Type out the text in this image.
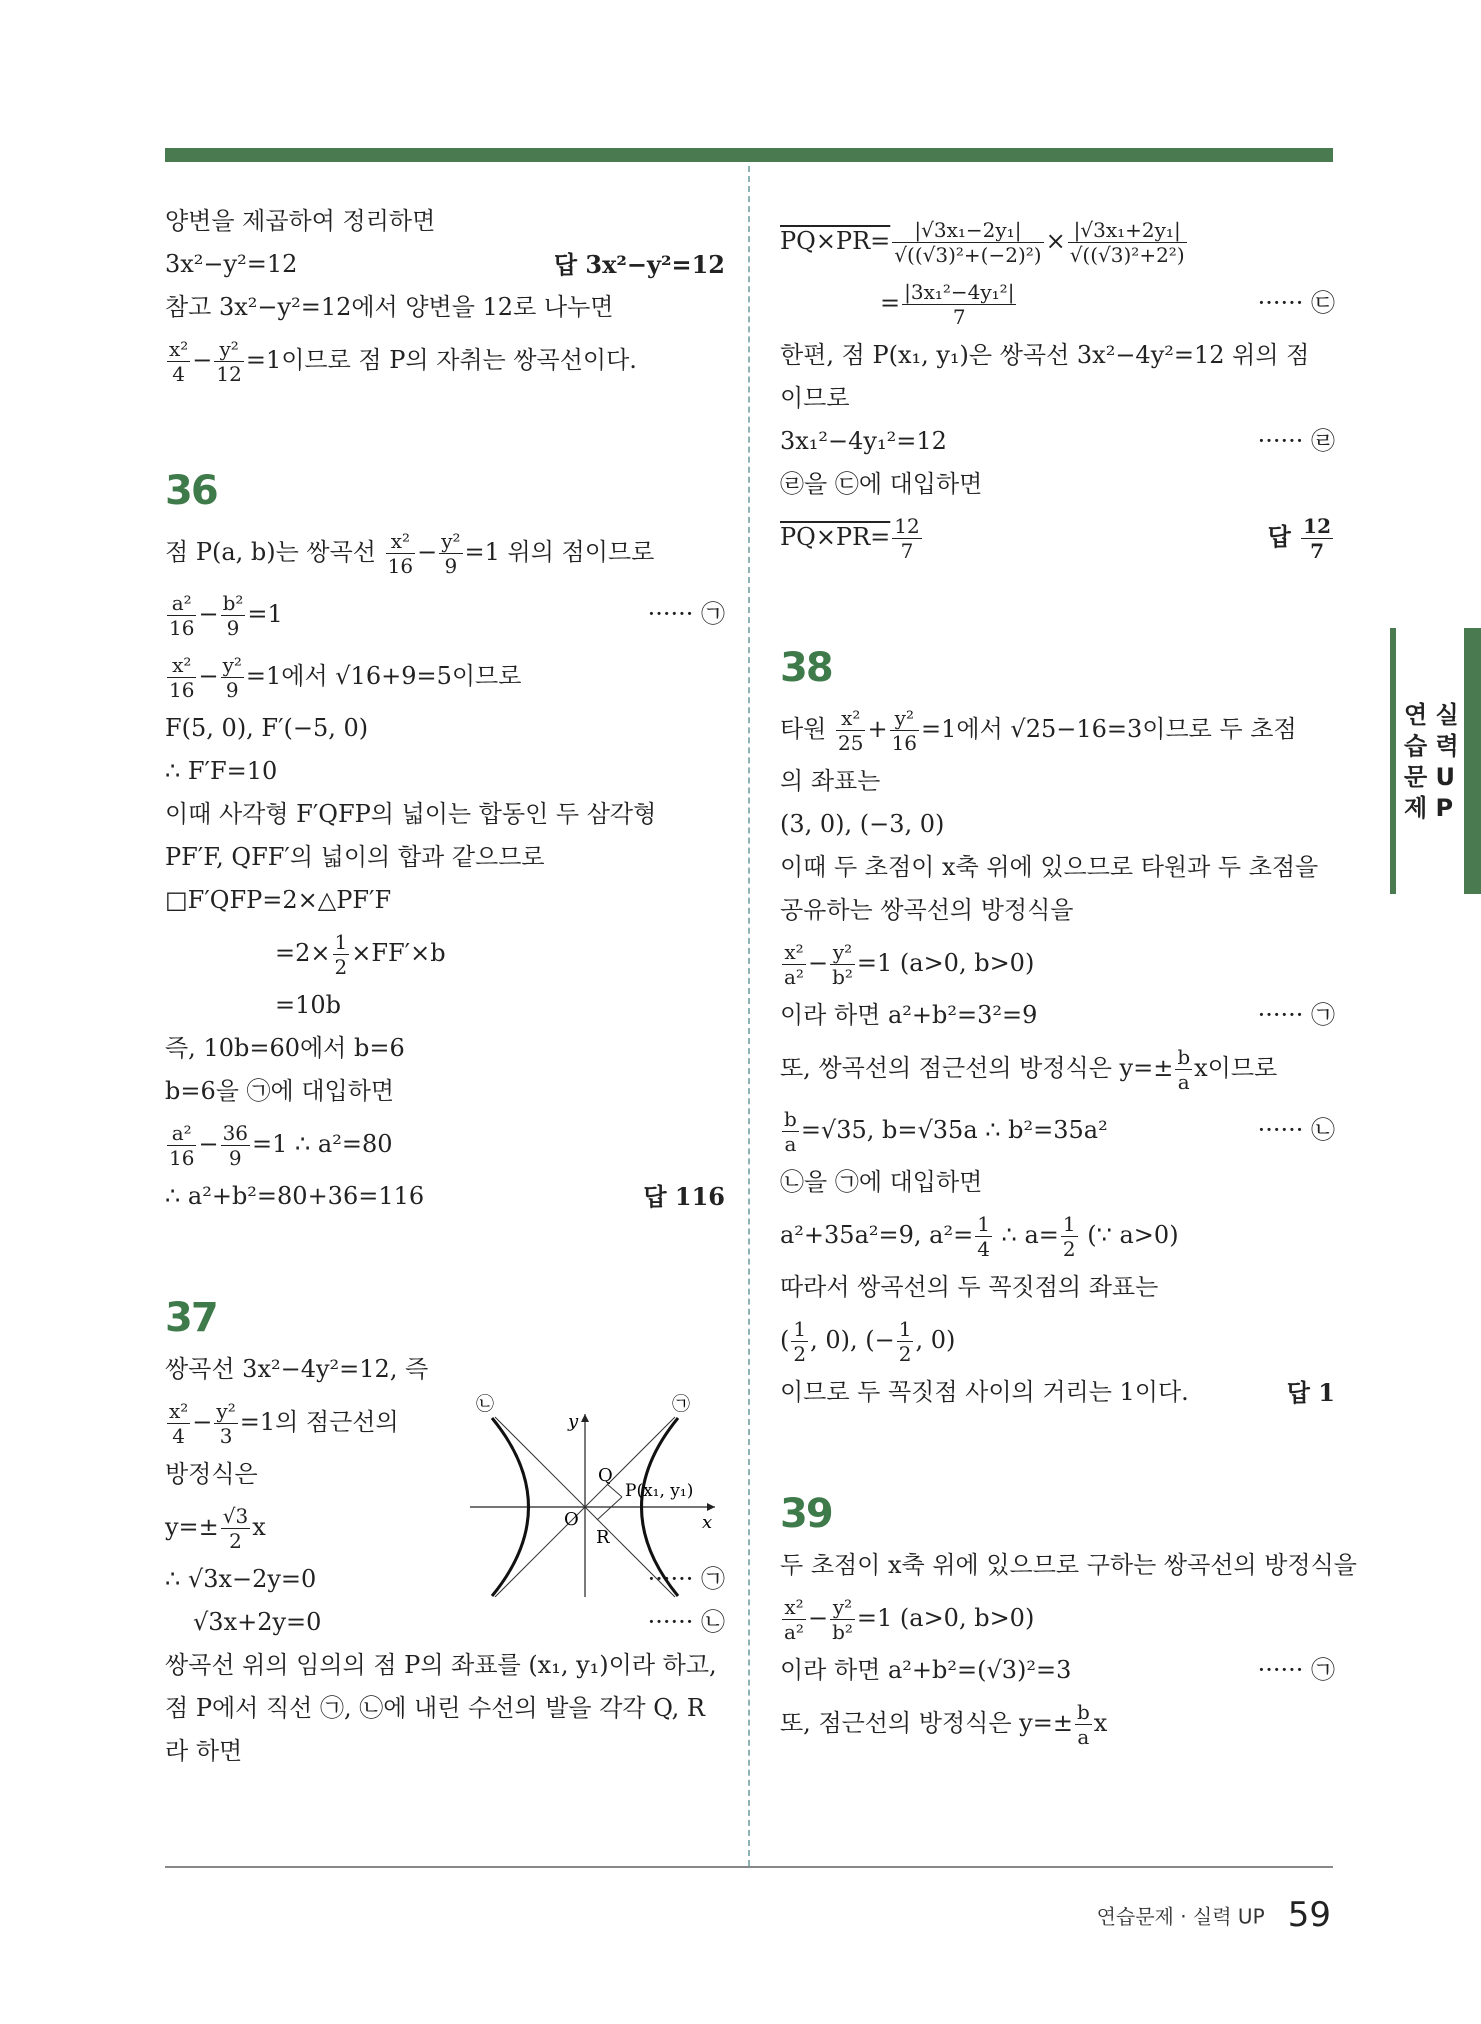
양변을 제곱하여 정리하면
3x²−y²=12	답 3x²−y²=12
참고 3x²−y²=12에서 양변을 12로 나누면
$\frac{\text{x²}}{4} - \frac{\text{y²}}{12} =1$이므로 점 P의 자취는 쌍곡선이다.
36
점 P(a, b)는 쌍곡선 $\frac{\text{x²}}{16} - \frac{\text{y²}}{9} =1$ 위의 점이므로
$\frac{\text{a²}}{16} - \frac{\text{b²}}{9} =1$	······ ㉠
$\frac{\text{x²}}{16} - \frac{\text{y²}}{9} =1$에서 √16+9=5이므로
F(5, 0), F′(−5, 0)
∴ F′F=10
이때 사각형 F′QFP의 넓이는 합동인 두 삼각형
PF′F, QFF′의 넓이의 합과 같으므로
□F′QFP=2×△PF′F
$=2\times \frac{1}{2} \times FF'\times b$
=10b
즉, 10b=60에서 b=6
b=6을 ㉠에 대입하면
$\frac{\text{a²}}{16} - \frac{36}{9} =1$ ∴ a²=80
∴ a²+b²=80+36=116	답 116
37
쌍곡선 3x²−4y²=12, 즉
$\frac{\text{x²}}{4} - \frac{\text{y²}}{3} =1$의 점근선의
방정식은
$y=\pm \frac{√3}{2}$ x
∴ √3x−2y=0	······ ㉠
√3x+2y=0	······ ㉡
쌍곡선 위의 임의의 점 P의 좌표를 (x₁, y₁)이라 하고,
점 P에서 직선 ㉠, ㉡에 내린 수선의 발을 각각 Q, R
라 하면
㉡	㉠
y
x
O
Q
R
P(x₁, y₁)
$PQ\times PR= \frac{\text{|√3x₁−2y₁|}}{\text{√((√3)²+(−2)²)}} \times \frac{\text{|√3x₁+2y₁|}}{\text{√((√3)²+2²)}}$
= $\frac{\text{|3x₁²−4y₁²|}}{7}$	······ ㉢
한편, 점 P(x₁, y₁)은 쌍곡선 3x²−4y²=12 위의 점
이므로
3x₁²−4y₁²=12	······ ㉣
㉣을 ㉢에 대입하면
$PQ\times PR= \frac{12}{7}$	답 $\frac{12}{7}$
38
타원 $\frac{\text{x²}}{25} + \frac{\text{y²}}{16} =1$에서 √25−16=3이므로 두 초점
의 좌표는
(3, 0), (−3, 0)
이때 두 초점이 x축 위에 있으므로 타원과 두 초점을
공유하는 쌍곡선의 방정식을
$\frac{\text{x²}}{\text{a²}} - \frac{\text{y²}}{\text{b²}} =1$ (a>0, b>0)
이라 하면 a²+b²=3²=9	······ ㉠
또, 쌍곡선의 점근선의 방정식은 $y=\pm \frac{b}{a}$ x이므로
$\frac{b}{a} =√35$, b=√35a ∴ b²=35a²	······ ㉡
㉡을 ㉠에 대입하면
a²+35a²=9, $a^2= \frac{1}{4}$ ∴ $a= \frac{1}{2}$ (∵ a>0)
따라서 쌍곡선의 두 꼭짓점의 좌표는
( $\frac{1}{2}$ , 0), (− $\frac{1}{2}$ , 0)
이므로 두 꼭짓점 사이의 거리는 1이다.	답 1
39
두 초점이 x축 위에 있으므로 구하는 쌍곡선의 방정식을
$\frac{\text{x²}}{\text{a²}} - \frac{\text{y²}}{\text{b²}} =1$ (a>0, b>0)
이라 하면 a²+b²=(√3)²=3	······ ㉠
또, 점근선의 방정식은 $y=\pm \frac{b}{a}$ x
연 실
습 력
문 U
제 P
연습문제 · 실력 UP 59
